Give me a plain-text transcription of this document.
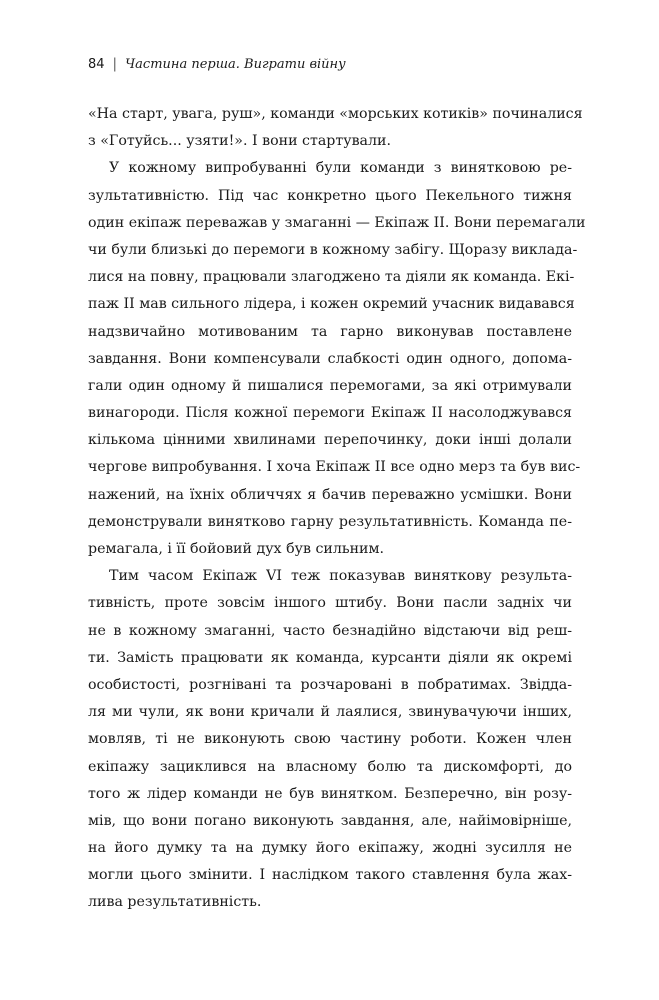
84 | Частина перша. Виграти війну
«На старт, увага, руш», команди «морських котиків» починалися
з «Готуйсь... узяти!». І вони стартували.
У кожному випробуванні були команди з винятковою ре-
зультативністю. Під час конкретно цього Пекельного тижня
один екіпаж переважав у змаганні — Екіпаж ІІ. Вони перемагали
чи були близькі до перемоги в кожному забігу. Щоразу виклада-
лися на повну, працювали злагоджено та діяли як команда. Екі-
паж ІІ мав сильного лідера, і кожен окремий учасник видавався
надзвичайно мотивованим та гарно виконував поставлене
завдання. Вони компенсували слабкості один одного, допома-
гали один одному й пишалися перемогами, за які отримували
винагороди. Після кожної перемоги Екіпаж ІІ насолоджувався
кількома цінними хвилинами перепочинку, доки інші долали
чергове випробування. І хоча Екіпаж ІІ все одно мерз та був вис-
нажений, на їхніх обличчях я бачив переважно усмішки. Вони
демонстрували винятково гарну результативність. Команда пе-
ремагала, і її бойовий дух був сильним.
Тим часом Екіпаж VI теж показував виняткову результа-
тивність, проте зовсім іншого штибу. Вони пасли задніх чи
не в кожному змаганні, часто безнадійно відстаючи від реш-
ти. Замість працювати як команда, курсанти діяли як окремі
особистості, розгнівані та розчаровані в побратимах. Звідда-
ля ми чули, як вони кричали й лаялися, звинувачуючи інших,
мовляв, ті не виконують свою частину роботи. Кожен член
екіпажу зациклився на власному болю та дискомфорті, до
того ж лідер команди не був винятком. Безперечно, він розу-
мів, що вони погано виконують завдання, але, найімовірніше,
на його думку та на думку його екіпажу, жодні зусилля не
могли цього змінити. І наслідком такого ставлення була жах-
лива результативність.
